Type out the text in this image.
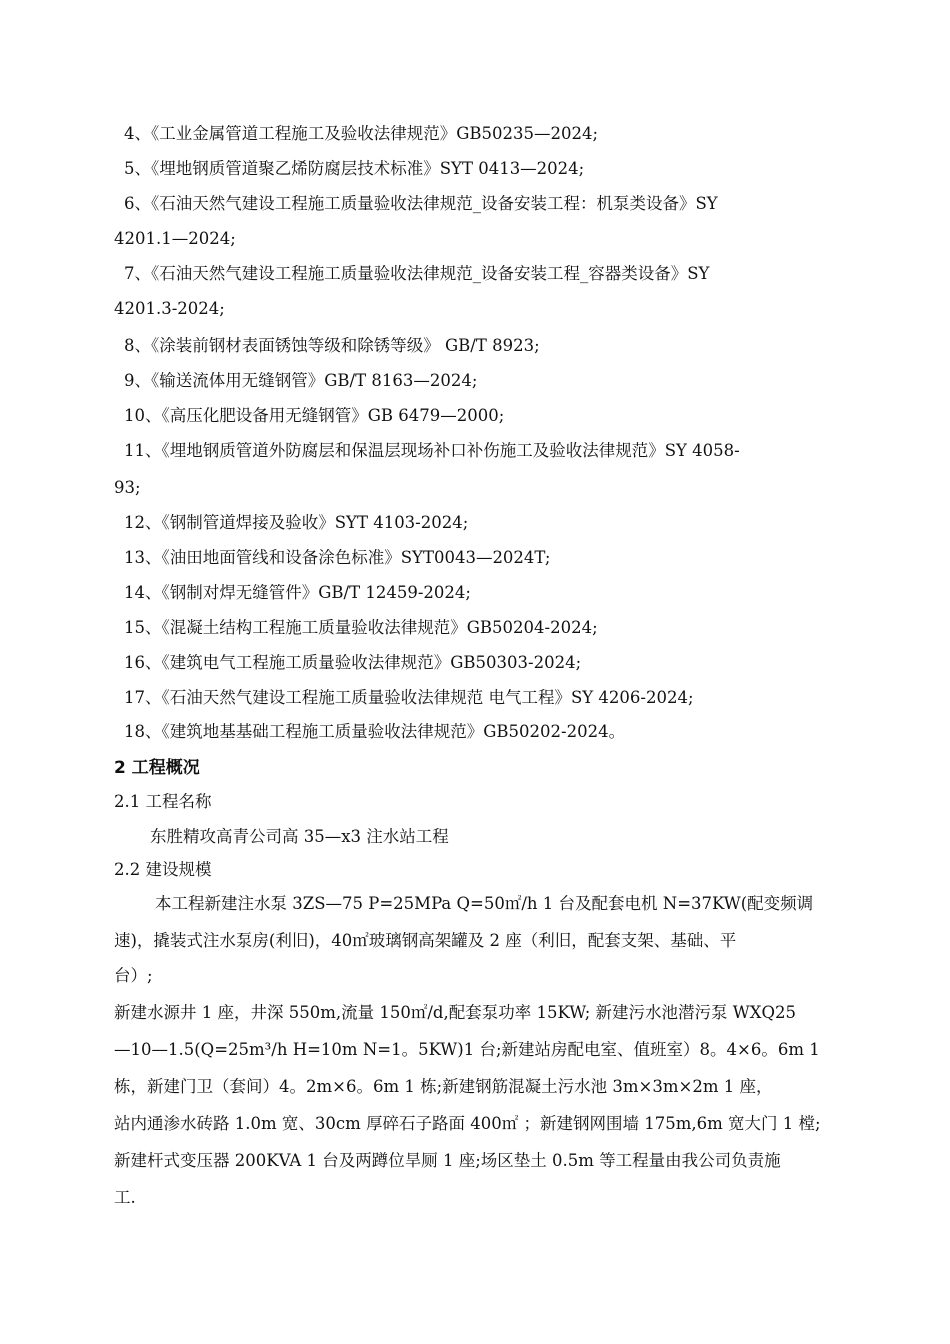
4、《工业金属管道工程施工及验收法律规范》GB50235—2024;
5、《埋地钢质管道聚乙烯防腐层技术标准》SYT 0413—2024;
6、《石油天然气建设工程施工质量验收法律规范_设备安装工程：机泵类设备》SY
4201.1—2024;
7、《石油天然气建设工程施工质量验收法律规范_设备安装工程_容器类设备》SY
4201.3-2024;
8、《涂装前钢材表面锈蚀等级和除锈等级》 GB/T 8923;
9、《输送流体用无缝钢管》GB/T 8163—2024;
10、《高压化肥设备用无缝钢管》GB 6479—2000;
11、《埋地钢质管道外防腐层和保温层现场补口补伤施工及验收法律规范》SY 4058-
93;
12、《钢制管道焊接及验收》SYT 4103-2024;
13、《油田地面管线和设备涂色标准》SYT0043—2024T;
14、《钢制对焊无缝管件》GB/T 12459-2024;
15、《混凝土结构工程施工质量验收法律规范》GB50204-2024;
16、《建筑电气工程施工质量验收法律规范》GB50303-2024;
17、《石油天然气建设工程施工质量验收法律规范 电气工程》SY 4206-2024;
18、《建筑地基基础工程施工质量验收法律规范》GB50202-2024。
2 工程概况
2.1 工程名称
东胜精攻高青公司高 35—x3 注水站工程
2.2 建设规模
本工程新建注水泵 3ZS—75 P=25MPa Q=50㎡/h 1 台及配套电机 N=37KW(配变频调
速)，撬装式注水泵房(利旧)，40㎡玻璃钢高架罐及 2 座（利旧，配套支架、基础、平
台）;
新建水源井 1 座，井深 550m,流量 150㎡/d,配套泵功率 15KW; 新建污水池潜污泵 WXQ25
—10—1.5(Q=25m³/h H=10m N=1。5KW)1 台;新建站房配电室、值班室）8。4×6。6m 1
栋，新建门卫（套间）4。2m×6。6m 1 栋;新建钢筋混凝土污水池 3m×3m×2m 1 座，
站内通渗水砖路 1.0m 宽、30cm 厚碎石子路面 400㎡ ；新建钢网围墙 175m,6m 宽大门 1 樘;
新建杆式变压器 200KVA 1 台及两蹲位旱厕 1 座;场区垫土 0.5m 等工程量由我公司负责施
工.
